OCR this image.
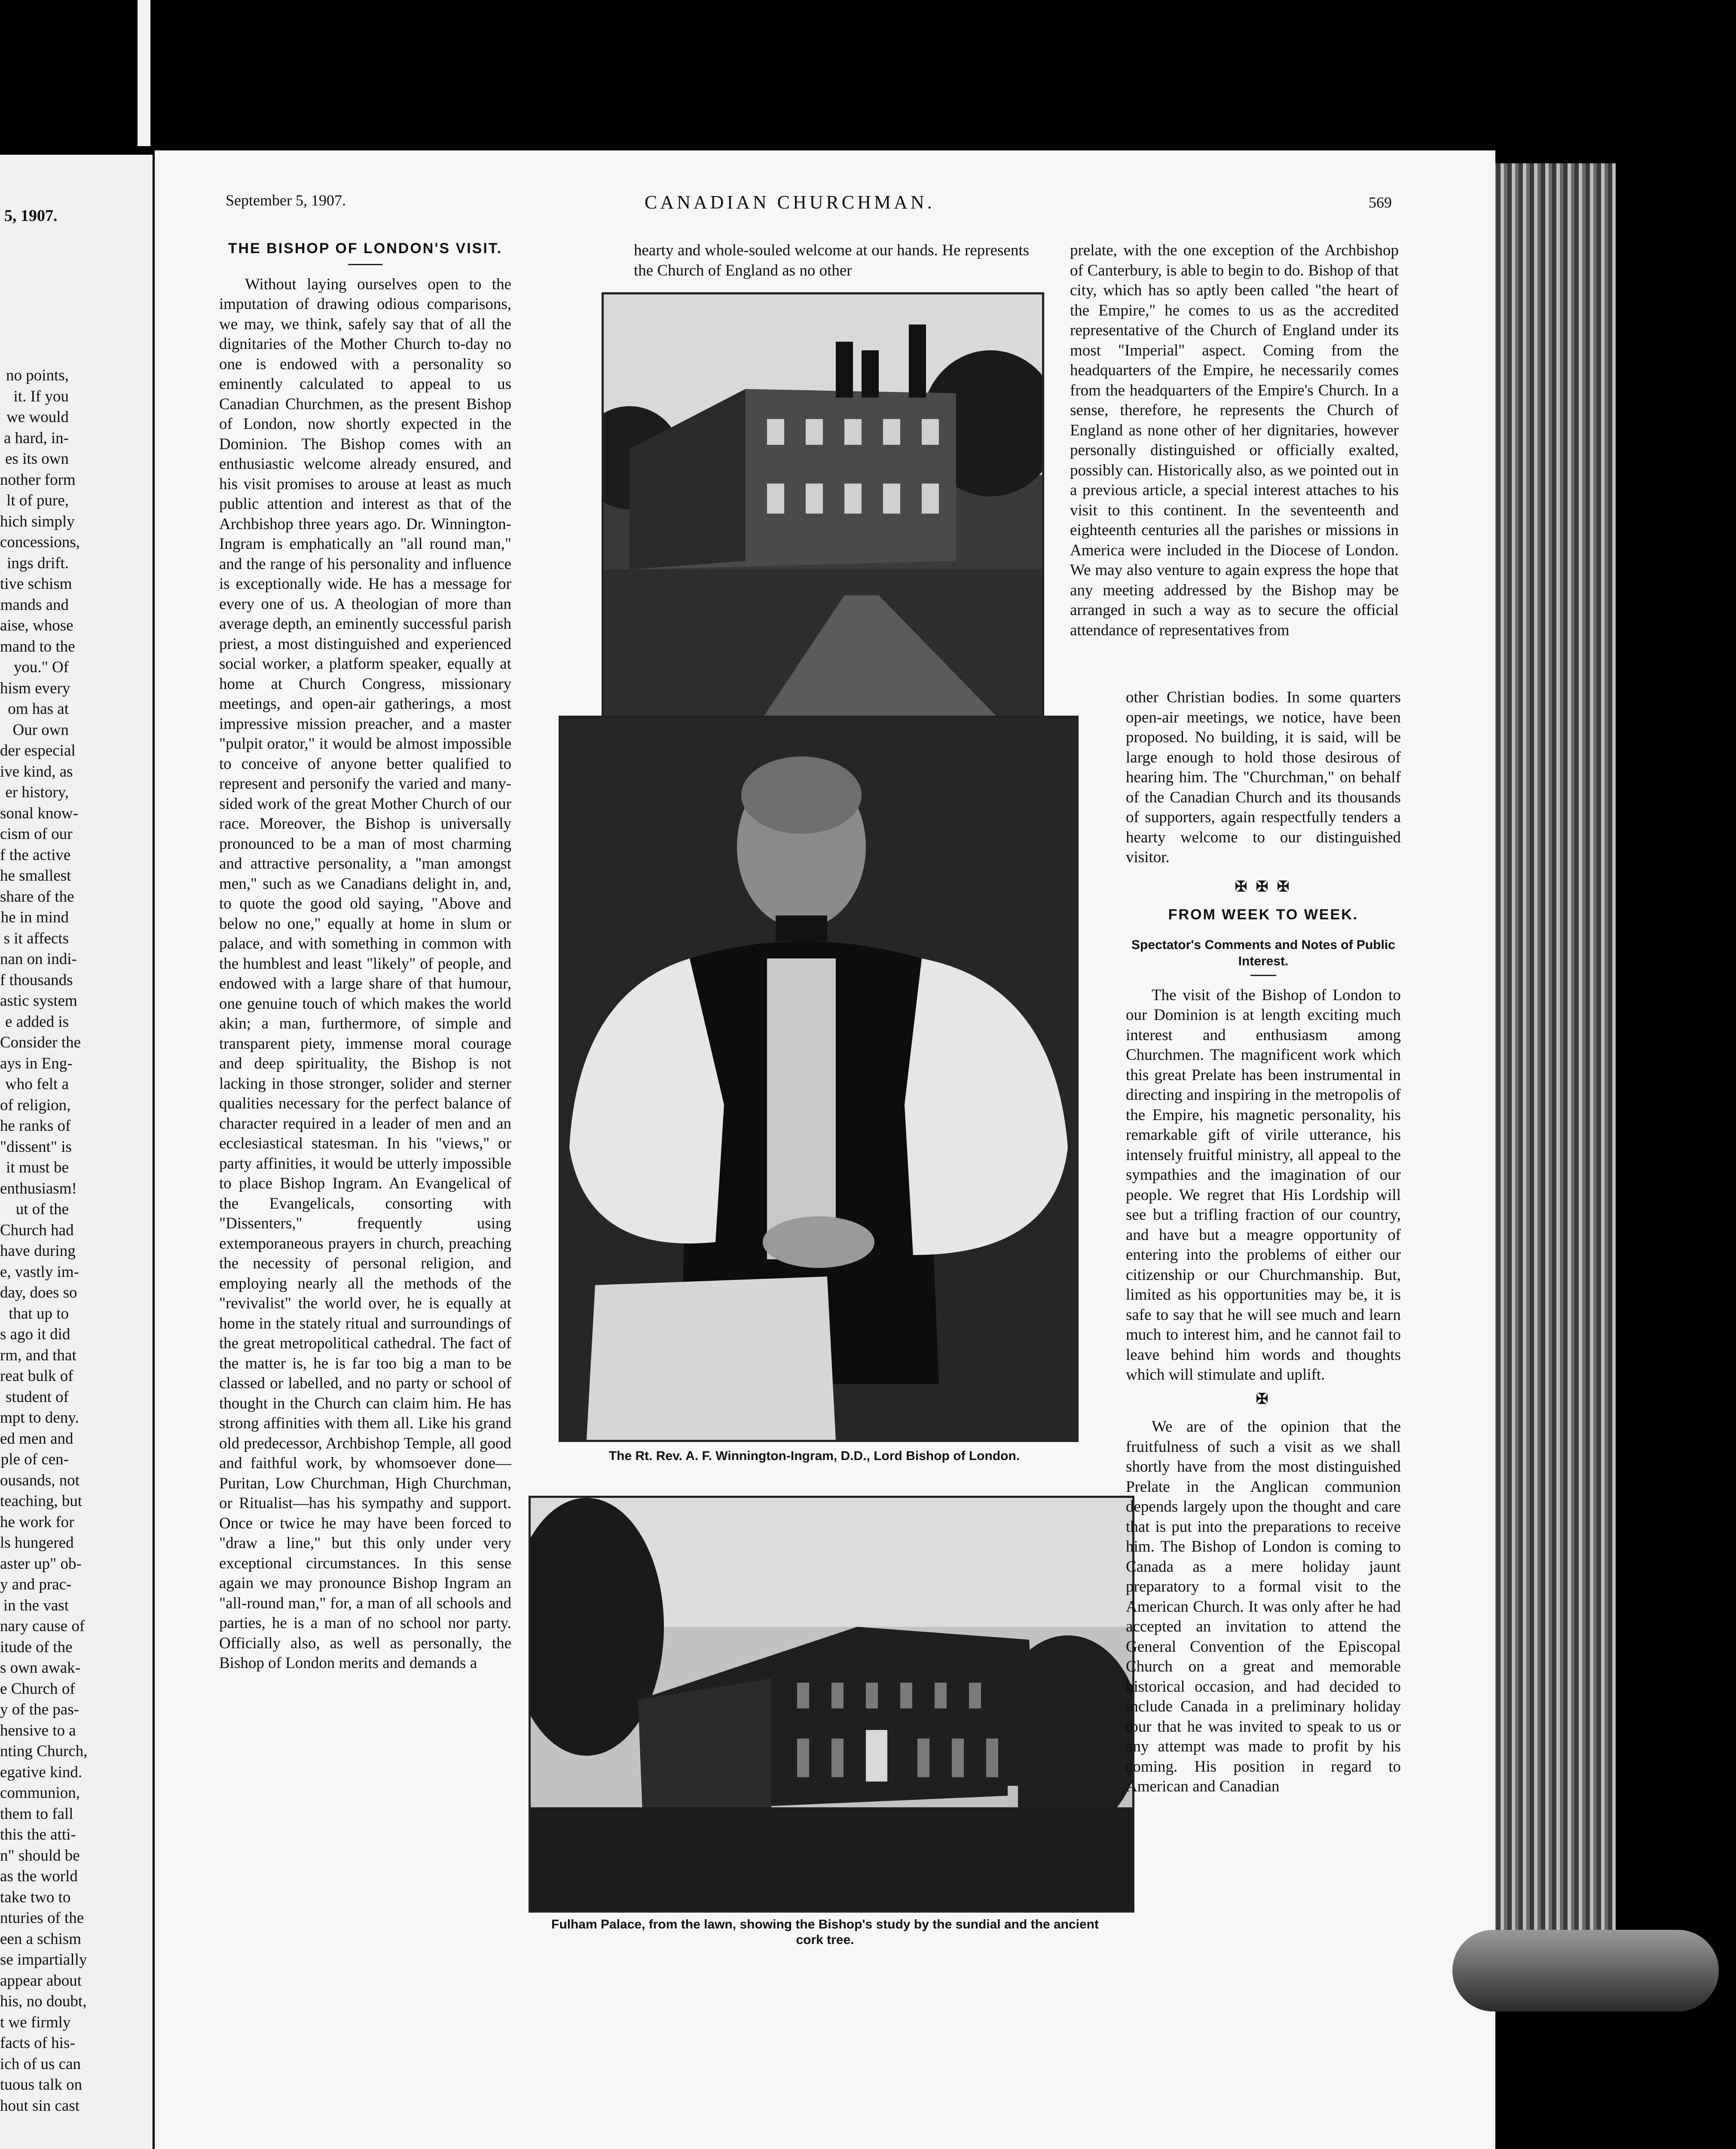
5, 1907.
no points,
it. If you
we would
a hard, in-
es its own
nother form
lt of pure,
hich simply
concessions,
ings drift.
tive schism
mands and
aise, whose
mand to the
you." Of
hism every
om has at
Our own
der especial
ive kind, as
er history,
sonal know-
cism of our
f the active
he smallest
share of the
he in mind
s it affects
nan on indi-
f thousands
astic system
e added is
Consider the
ays in Eng-
who felt a
of religion,
he ranks of
"dissent" is
it must be
enthusiasm!
ut of the
Church had
have during
e, vastly im-
day, does so
that up to
s ago it did
rm, and that
reat bulk of
student of
mpt to deny.
ed men and
ple of cen-
ousands, not
teaching, but
he work for
ls hungered
aster up" ob-
y and prac-
in the vast
nary cause of
itude of the
s own awak-
e Church of
y of the pas-
hensive to a
nting Church,
egative kind.
communion,
them to fall
this the atti-
n" should be
as the world
take two to
nturies of the
een a schism
se impartially
appear about
his, no doubt,
t we firmly
facts of his-
ich of us can
tuous talk on
hout sin cast
September 5, 1907.	CANADIAN CHURCHMAN.	569
THE BISHOP OF LONDON'S VISIT.

Without laying ourselves open to the imputation of drawing odious comparisons, we may, we think, safely say that of all the dignitaries of the Mother Church to-day no one is endowed with a personality so eminently calculated to appeal to us Canadian Churchmen, as the present Bishop of London, now shortly expected in the Dominion. The Bishop comes with an enthusiastic welcome already ensured, and his visit promises to arouse at least as much public attention and interest as that of the Archbishop three years ago. Dr. Winnington-Ingram is emphatically an "all round man," and the range of his personality and influence is exceptionally wide. He has a message for every one of us. A theologian of more than average depth, an eminently successful parish priest, a most distinguished and experienced social worker, a platform speaker, equally at home at Church Congress, missionary meetings, and open-air gatherings, a most impressive mission preacher, and a master "pulpit orator," it would be almost impossible to conceive of anyone better qualified to represent and personify the varied and many-sided work of the great Mother Church of our race. Moreover, the Bishop is universally pronounced to be a man of most charming and attractive personality, a "man amongst men," such as we Canadians delight in, and, to quote the good old saying, "Above and below no one," equally at home in slum or palace, and with something in common with the humblest and least "likely" of people, and endowed with a large share of that humour, one genuine touch of which makes the world akin; a man, furthermore, of simple and transparent piety, immense moral courage and deep spirituality, the Bishop is not lacking in those stronger, solider and sterner qualities necessary for the perfect balance of character required in a leader of men and an ecclesiastical statesman. In his "views," or party affinities, it would be utterly impossible to place Bishop Ingram. An Evangelical of the Evangelicals, consorting with "Dissenters," frequently using extemporaneous prayers in church, preaching the necessity of personal religion, and employing nearly all the methods of the "revivalist" the world over, he is equally at home in the stately ritual and surroundings of the great metropolitical cathedral. The fact of the matter is, he is far too big a man to be classed or labelled, and no party or school of thought in the Church can claim him. He has strong affinities with them all. Like his grand old predecessor, Archbishop Temple, all good and faithful work, by whomsoever done—Puritan, Low Churchman, High Churchman, or Ritualist—has his sympathy and support. Once or twice he may have been forced to "draw a line," but this only under very exceptional circumstances. In this sense again we may pronounce Bishop Ingram an "all-round man," for, a man of all schools and parties, he is a man of no school nor party. Officially also, as well as personally, the Bishop of London merits and demands a

hearty and whole-souled welcome at our hands. He represents the Church of England as no other

The Rt. Rev. A. F. Winnington-Ingram, D.D., Lord Bishop of London.
Fulham Palace, from the lawn, showing the Bishop's study by the sundial and the ancient cork tree.

prelate, with the one exception of the Archbishop of Canterbury, is able to begin to do. Bishop of that city, which has so aptly been called "the heart of the Empire," he comes to us as the accredited representative of the Church of England under its most "Imperial" aspect. Coming from the headquarters of the Empire, he necessarily comes from the headquarters of the Empire's Church. In a sense, therefore, he represents the Church of England as none other of her dignitaries, however personally distinguished or officially exalted, possibly can. Historically also, as we pointed out in a previous article, a special interest attaches to his visit to this continent. In the seventeenth and eighteenth centuries all the parishes or missions in America were included in the Diocese of London. We may also venture to again express the hope that any meeting addressed by the Bishop may be arranged in such a way as to secure the official attendance of representatives from

other Christian bodies. In some quarters open-air meetings, we notice, have been proposed. No building, it is said, will be large enough to hold those desirous of hearing him. The "Churchman," on behalf of the Canadian Church and its thousands of supporters, again respectfully tenders a hearty welcome to our distinguished visitor.

✠ ✠ ✠
FROM WEEK TO WEEK.
Spectator's Comments and Notes of Public Interest.

The visit of the Bishop of London to our Dominion is at length exciting much interest and enthusiasm among Churchmen. The magnificent work which this great Prelate has been instrumental in directing and inspiring in the metropolis of the Empire, his magnetic personality, his remarkable gift of virile utterance, his intensely fruitful ministry, all appeal to the sympathies and the imagination of our people. We regret that His Lordship will see but a trifling fraction of our country, and have but a meagre opportunity of entering into the problems of either our citizenship or our Churchmanship. But, limited as his opportunities may be, it is safe to say that he will see much and learn much to interest him, and he cannot fail to leave behind him words and thoughts which will stimulate and uplift.

✠

We are of the opinion that the fruitfulness of such a visit as we shall shortly have from the most distinguished Prelate in the Anglican communion depends largely upon the thought and care that is put into the preparations to receive him. The Bishop of London is coming to Canada as a mere holiday jaunt preparatory to a formal visit to the American Church. It was only after he had accepted an invitation to attend the General Convention of the Episcopal Church on a great and memorable historical occasion, and had decided to include Canada in a preliminary holiday tour that he was invited to speak to us or any attempt was made to profit by his coming. His position in regard to American and Canadian
